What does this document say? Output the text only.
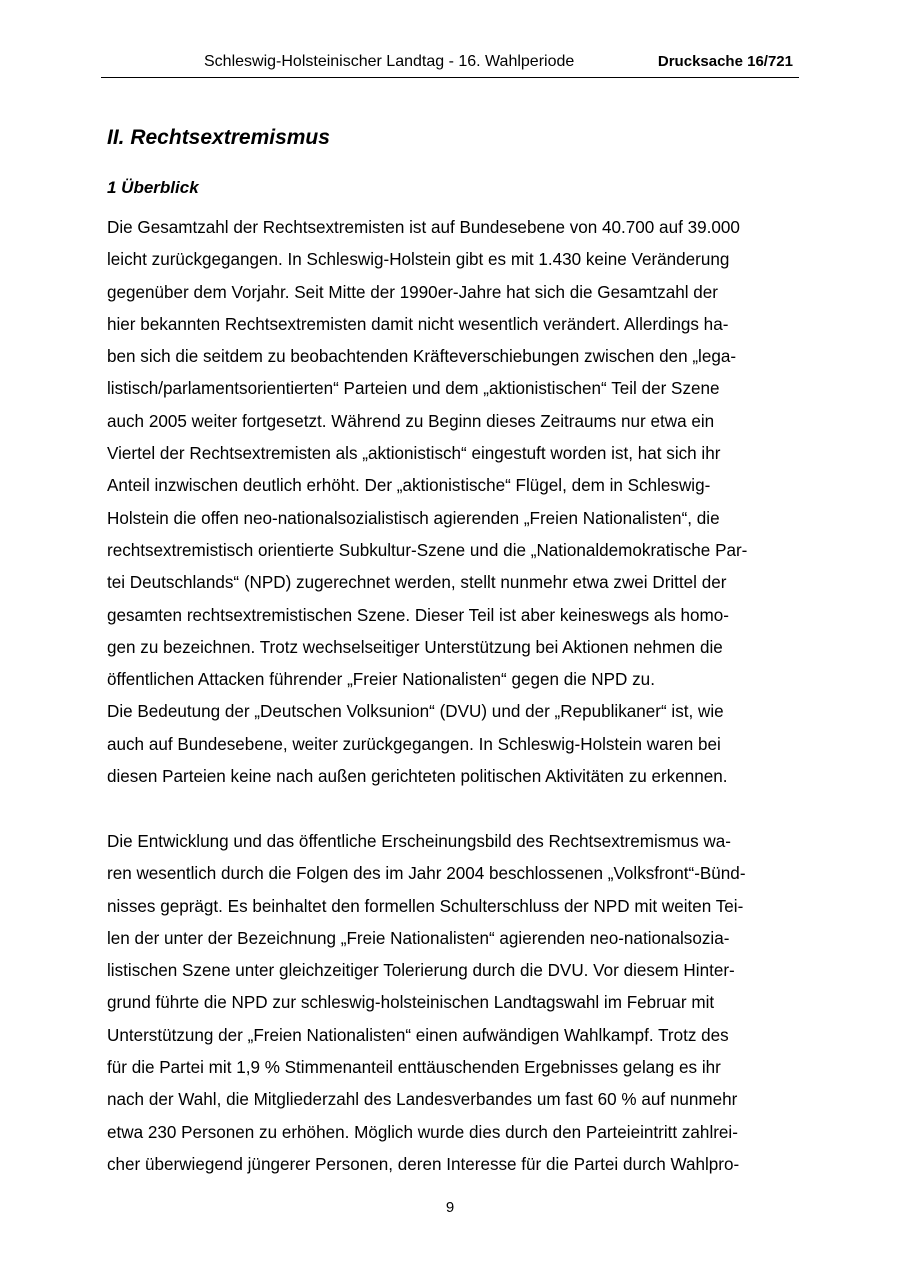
Schleswig-Holsteinischer Landtag - 16. Wahlperiode	Drucksache 16/721
II. Rechtsextremismus
1 Überblick
Die Gesamtzahl der Rechtsextremisten ist auf Bundesebene von 40.700 auf 39.000
leicht zurückgegangen. In Schleswig-Holstein gibt es mit 1.430 keine Veränderung
gegenüber dem Vorjahr. Seit Mitte der 1990er-Jahre hat sich die Gesamtzahl der
hier bekannten Rechtsextremisten damit nicht wesentlich verändert. Allerdings ha-
ben sich die seitdem zu beobachtenden Kräfteverschiebungen zwischen den „lega-
listisch/parlamentsorientierten“ Parteien und dem „aktionistischen“ Teil der Szene
auch 2005 weiter fortgesetzt. Während zu Beginn dieses Zeitraums nur etwa ein
Viertel der Rechtsextremisten als „aktionistisch“ eingestuft worden ist, hat sich ihr
Anteil inzwischen deutlich erhöht. Der „aktionistische“ Flügel, dem in Schleswig-
Holstein die offen neo-nationalsozialistisch agierenden „Freien Nationalisten“, die
rechtsextremistisch orientierte Subkultur-Szene und die „Nationaldemokratische Par-
tei Deutschlands“ (NPD) zugerechnet werden, stellt nunmehr etwa zwei Drittel der
gesamten rechtsextremistischen Szene. Dieser Teil ist aber keineswegs als homo-
gen zu bezeichnen. Trotz wechselseitiger Unterstützung bei Aktionen nehmen die
öffentlichen Attacken führender „Freier Nationalisten“ gegen die NPD zu.
Die Bedeutung der „Deutschen Volksunion“ (DVU) und der „Republikaner“ ist, wie
auch auf Bundesebene, weiter zurückgegangen. In Schleswig-Holstein waren bei
diesen Parteien keine nach außen gerichteten politischen Aktivitäten zu erkennen.
Die Entwicklung und das öffentliche Erscheinungsbild des Rechtsextremismus wa-
ren wesentlich durch die Folgen des im Jahr 2004 beschlossenen „Volksfront“-Bünd-
nisses geprägt. Es beinhaltet den formellen Schulterschluss der NPD mit weiten Tei-
len der unter der Bezeichnung „Freie Nationalisten“ agierenden neo-nationalsozia-
listischen Szene unter gleichzeitiger Tolerierung durch die DVU. Vor diesem Hinter-
grund führte die NPD zur schleswig-holsteinischen Landtagswahl im Februar mit
Unterstützung der „Freien Nationalisten“ einen aufwändigen Wahlkampf. Trotz des
für die Partei mit 1,9 % Stimmenanteil enttäuschenden Ergebnisses gelang es ihr
nach der Wahl, die Mitgliederzahl des Landesverbandes um fast 60 % auf nunmehr
etwa 230 Personen zu erhöhen. Möglich wurde dies durch den Parteieintritt zahlrei-
cher überwiegend jüngerer Personen, deren Interesse für die Partei durch Wahlpro-
9
